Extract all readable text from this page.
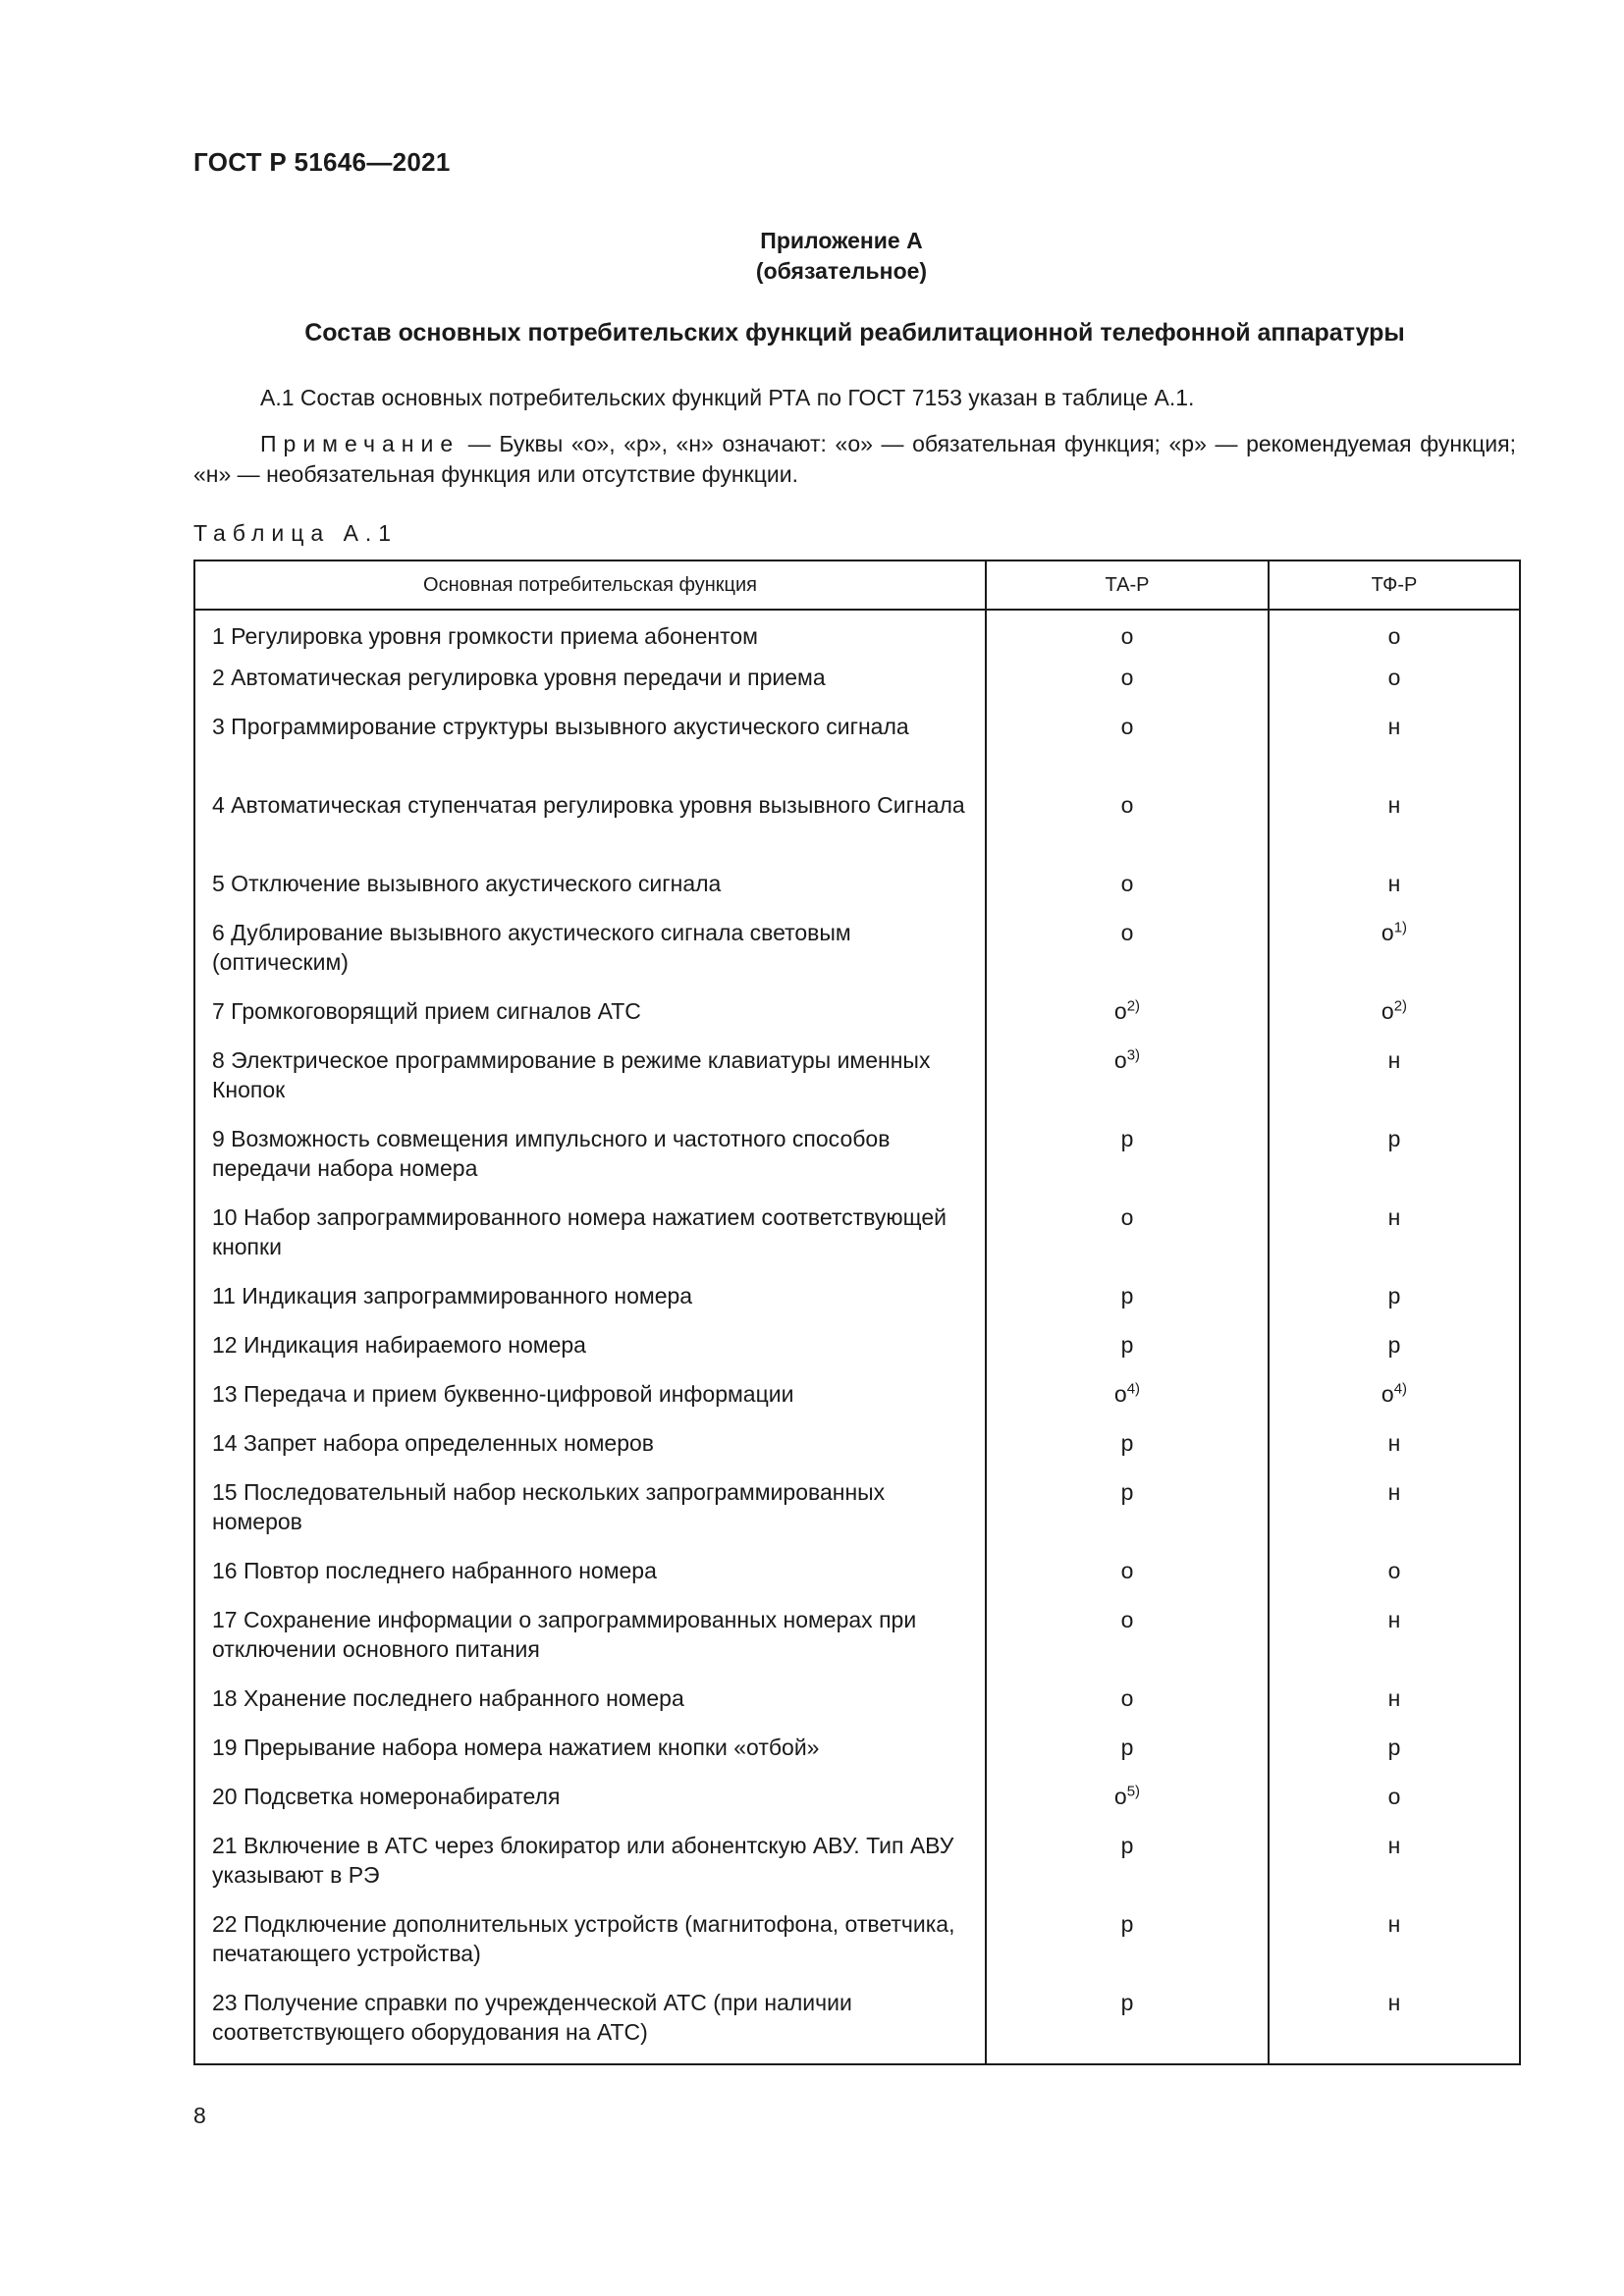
ГОСТ Р 51646—2021
Приложение А
(обязательное)
Состав основных потребительских функций реабилитационной телефонной аппаратуры
А.1 Состав основных потребительских функций РТА по ГОСТ 7153 указан в таблице А.1.
Примечание — Буквы «о», «р», «н» означают: «о» — обязательная функция; «р» — рекомендуемая функция; «н» — необязательная функция или отсутствие функции.
Таблица А.1
Основная потребительская функция	ТА-Р	ТФ-Р
1 Регулировка уровня громкости приема абонентом	о	о
2 Автоматическая регулировка уровня передачи и приема	о	о
3 Программирование структуры вызывного акустического сигнала	о	н
4 Автоматическая ступенчатая регулировка уровня вызывного Сигнала	о	н
5 Отключение вызывного акустического сигнала	о	н
6 Дублирование вызывного акустического сигнала световым (оптическим)	о	$о^{1)}$
7 Громкоговорящий прием сигналов АТС	$о^{2)}$	$о^{2)}$
8 Электрическое программирование в режиме клавиатуры именных Кнопок	$о^{3)}$	н
9 Возможность совмещения импульсного и частотного способов передачи набора номера	р	р
10 Набор запрограммированного номера нажатием соответствующей кнопки	о	н
11 Индикация запрограммированного номера	р	р
12 Индикация набираемого номера	р	р
13 Передача и прием буквенно-цифровой информации	$о^{4)}$	$о^{4)}$
14 Запрет набора определенных номеров	р	н
15 Последовательный набор нескольких запрограммированных номеров	р	н
16 Повтор последнего набранного номера	о	о
17 Сохранение информации о запрограммированных номерах при отключении основного питания	о	н
18 Хранение последнего набранного номера	о	н
19 Прерывание набора номера нажатием кнопки «отбой»	р	р
20 Подсветка номеронабирателя	$о^{5)}$	о
21 Включение в АТС через блокиратор или абонентскую АВУ. Тип АВУ указывают в РЭ	р	н
22 Подключение дополнительных устройств (магнитофона, ответчика, печатающего устройства)	р	н
23 Получение справки по учрежденческой АТС (при наличии соответствующего оборудования на АТС)	р	н
8
